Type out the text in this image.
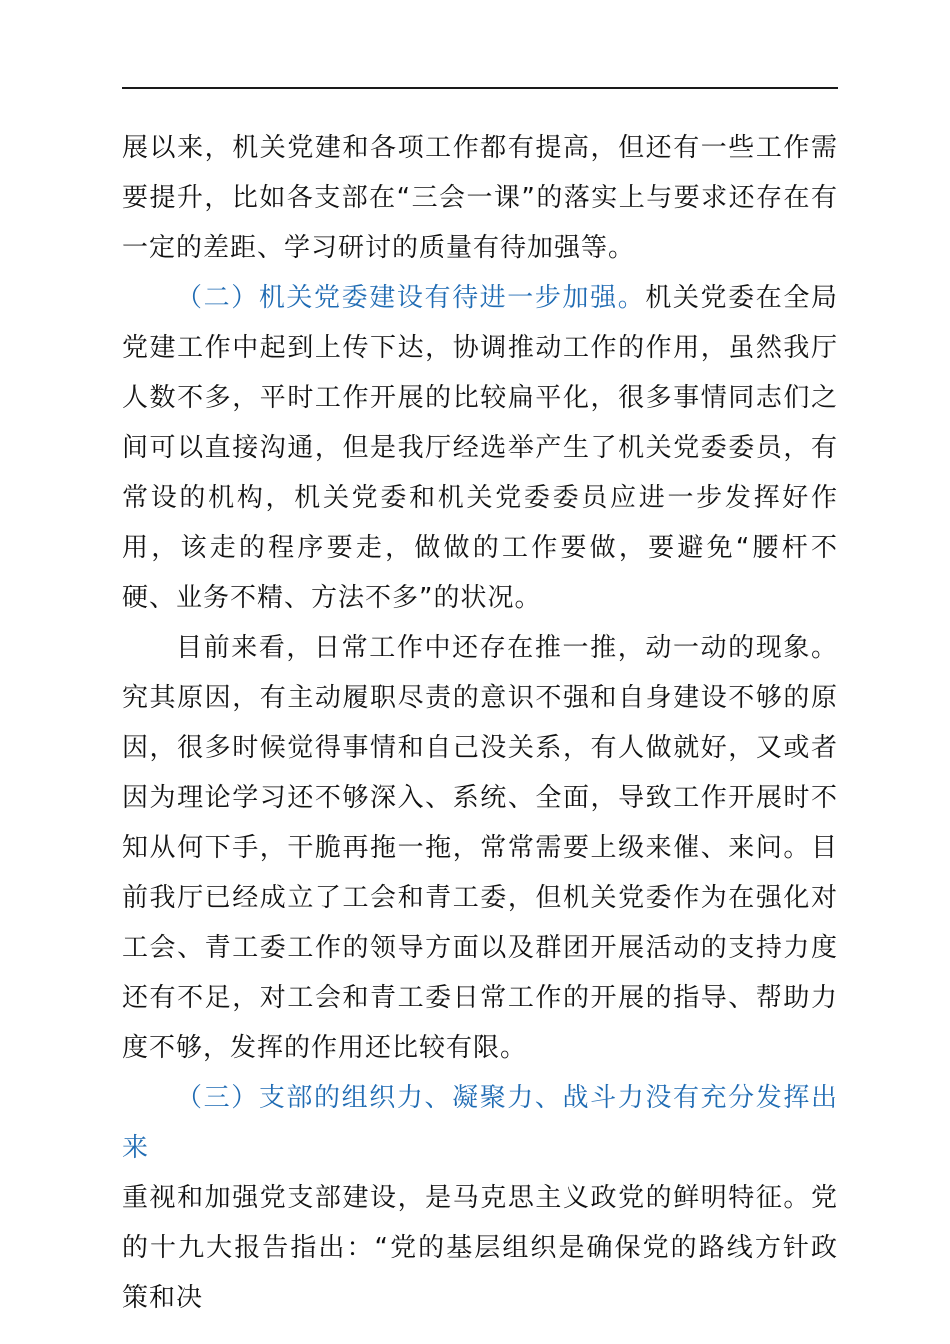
展以来，机关党建和各项工作都有提高，但还有一些工作需要提升，比如各支部在“三会一课”的落实上与要求还存在有一定的差距、学习研讨的质量有待加强等。

（二）机关党委建设有待进一步加强。机关党委在全局党建工作中起到上传下达，协调推动工作的作用，虽然我厅人数不多，平时工作开展的比较扁平化，很多事情同志们之间可以直接沟通，但是我厅经选举产生了机关党委委员，有常设的机构，机关党委和机关党委委员应进一步发挥好作用，该走的程序要走，做做的工作要做，要避免“腰杆不硬、业务不精、方法不多”的状况。

目前来看，日常工作中还存在推一推，动一动的现象。究其原因，有主动履职尽责的意识不强和自身建设不够的原因，很多时候觉得事情和自己没关系，有人做就好，又或者因为理论学习还不够深入、系统、全面，导致工作开展时不知从何下手，干脆再拖一拖，常常需要上级来催、来问。目前我厅已经成立了工会和青工委，但机关党委作为在强化对工会、青工委工作的领导方面以及群团开展活动的支持力度还有不足，对工会和青工委日常工作的开展的指导、帮助力度不够，发挥的作用还比较有限。

（三）支部的组织力、凝聚力、战斗力没有充分发挥出来

重视和加强党支部建设，是马克思主义政党的鲜明特征。党的十九大报告指出：“党的基层组织是确保党的路线方针政策和决
